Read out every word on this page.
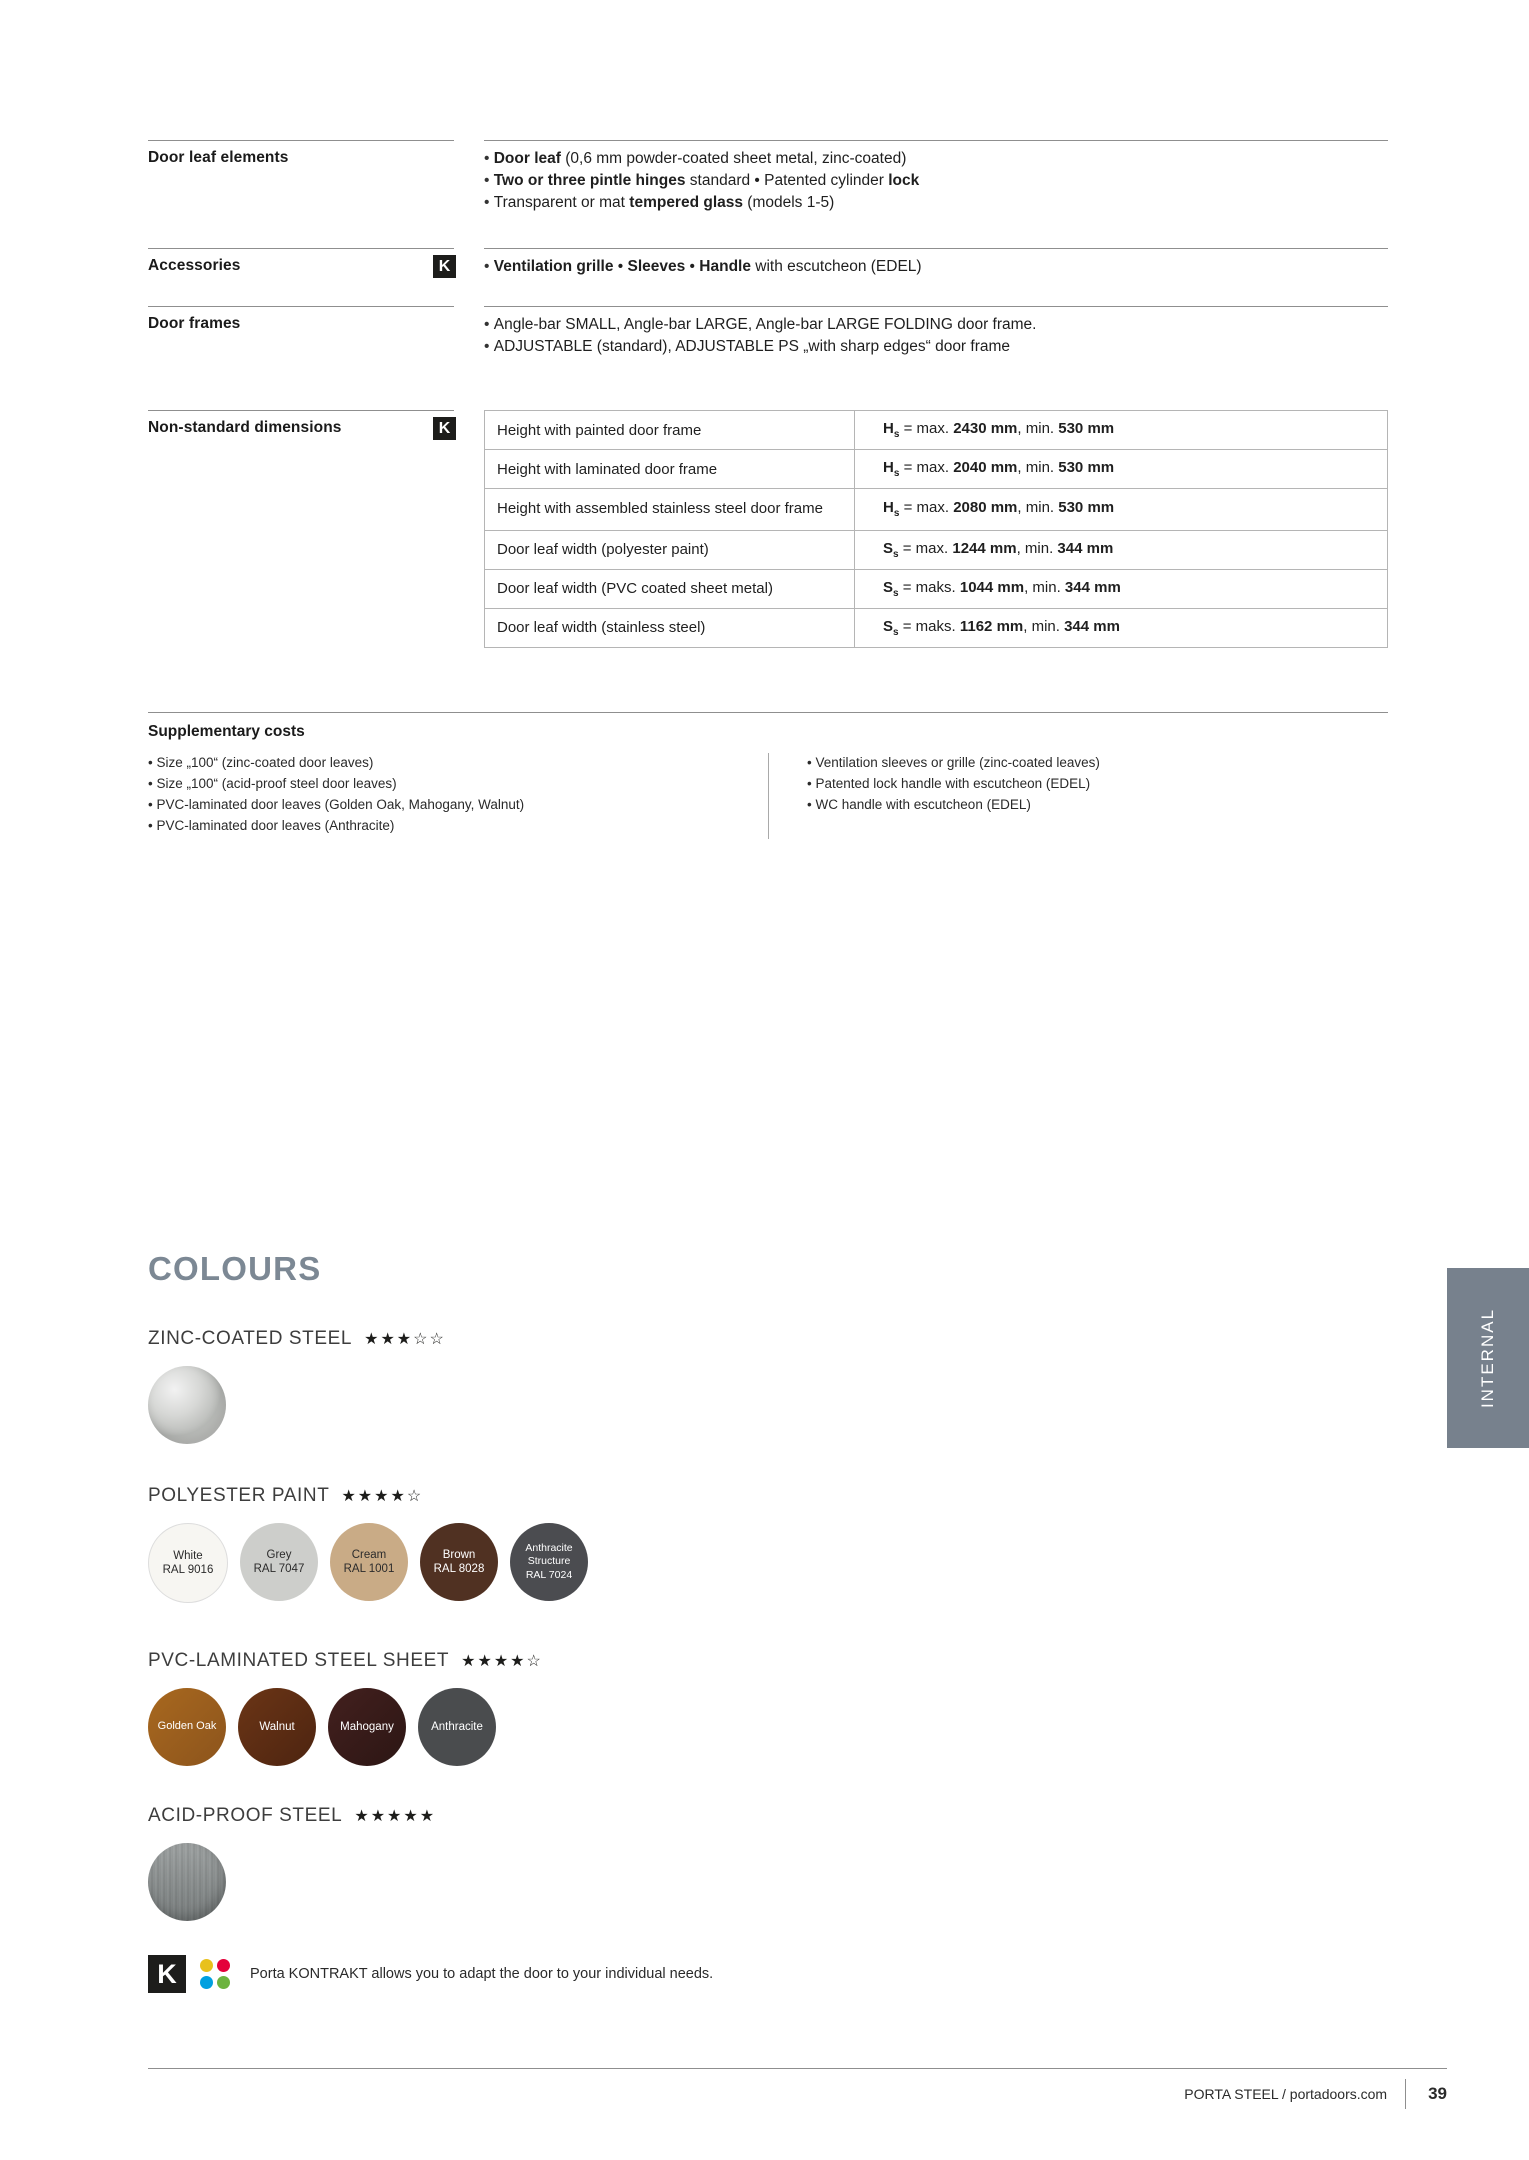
Door leaf elements	• Door leaf (0,6 mm powder-coated sheet metal, zinc-coated)
• Two or three pintle hinges standard • Patented cylinder lock
• Transparent or mat tempered glass (models 1-5)
Accessories	K	• Ventilation grille • Sleeves • Handle with escutcheon (EDEL)
Door frames	• Angle-bar SMALL, Angle-bar LARGE, Angle-bar LARGE FOLDING door frame.
• ADJUSTABLE (standard), ADJUSTABLE PS „with sharp edges“ door frame
Non-standard dimensions	K	Height with painted door frame	$H_s = \max$. 2430 mm, min. 530 mm
Height with laminated door frame	$H_s = \max$. 2040 mm, min. 530 mm
Height with assembled stainless steel door frame	$H_s = \max$. 2080 mm, min. 530 mm
Door leaf width (polyester paint)	$S_s = \max$. 1244 mm, min. 344 mm
Door leaf width (PVC coated sheet metal)	$S_s$ = maks. 1044 mm, min. 344 mm
Door leaf width (stainless steel)	$S_s$ = maks. 1162 mm, min. 344 mm
Supplementary costs
• Size „100“ (zinc-coated door leaves)
• Size „100“ (acid-proof steel door leaves)
• PVC-laminated door leaves (Golden Oak, Mahogany, Walnut)
• PVC-laminated door leaves (Anthracite)
• Ventilation sleeves or grille (zinc-coated leaves)
• Patented lock handle with escutcheon (EDEL)
• WC handle with escutcheon (EDEL)
COLOURS
ZINC-COATED STEEL ★★★☆☆
POLYESTER PAINT ★★★★☆
White
RAL 9016
Grey
RAL 7047
Cream
RAL 1001
Brown
RAL 8028
Anthracite Structure
RAL 7024
PVC-LAMINATED STEEL SHEET ★★★★☆
Golden Oak	Walnut	Mahogany	Anthracite
ACID-PROOF STEEL ★★★★★
K	Porta KONTRAKT allows you to adapt the door to your individual needs.
INTERNAL
PORTA STEEL / portadoors.com	39
